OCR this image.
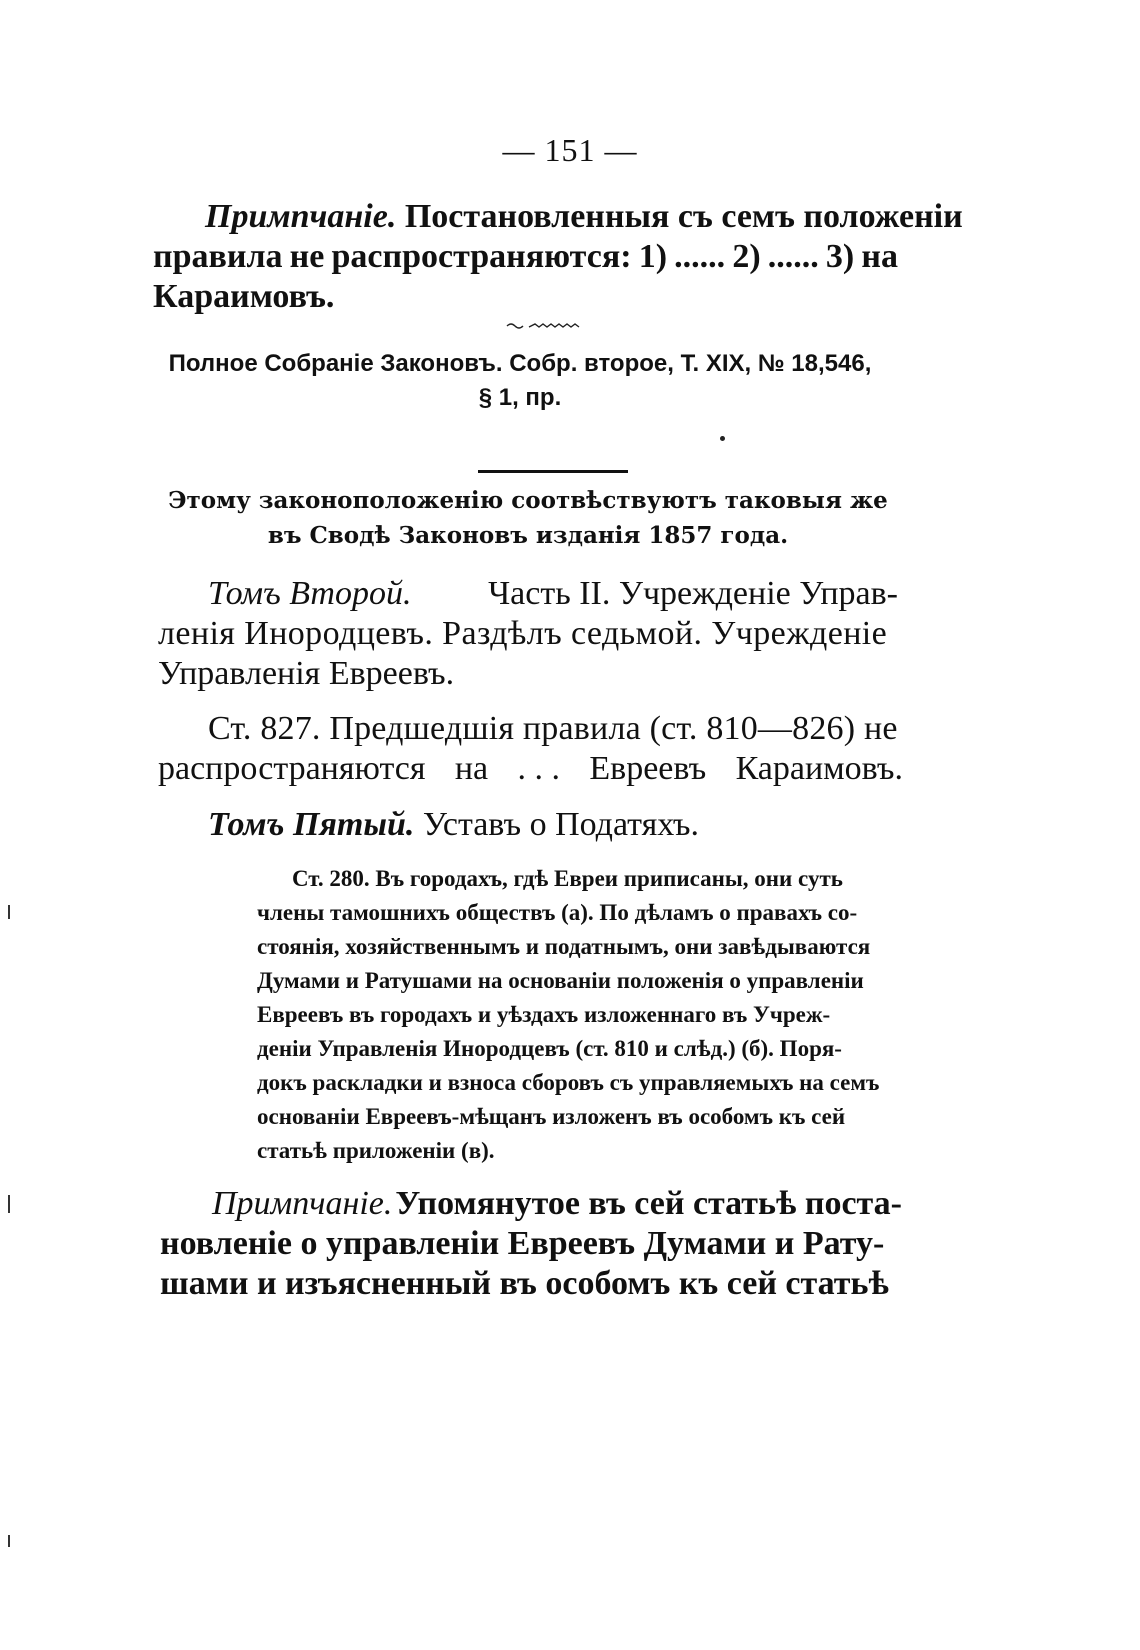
— 151 —
Примпчаніе. Постановленныя съ семъ положеніи
правила не распространяются: 1) ...... 2) ...... 3) на
Караимовъ.
Полное Собраніе Законовъ. Собр. второе, Т. XIX, № 18,546,
§ 1, пр.
Этому законоположенію соотвѣствуютъ таковыя же
въ Сводѣ Законовъ изданія 1857 года.
Томъ Второй. Часть II. Учрежденіе Управ-
ленія Инородцевъ. Раздѣлъ седьмой. Учрежденіе
Управленія Евреевъ.
Ст. 827. Предшедшія правила (ст. 810—826) не
распространяются на . . . Евреевъ Караимовъ.
Томъ Пятый. Уставъ о Податяхъ.
Ст. 280. Въ городахъ, гдѣ Евреи приписаны, они суть
члены тамошнихъ обществъ (а). По дѣламъ о правахъ со-
стоянія, хозяйственнымъ и податнымъ, они завѣдываются
Думами и Ратушами на основаніи положенія о управленіи
Евреевъ въ городахъ и уѣздахъ изложеннаго въ Учреж-
деніи Управленія Инородцевъ (ст. 810 и слѣд.) (б). Поря-
докъ раскладки и взноса сборовъ съ управляемыхъ на семъ
основаніи Евреевъ-мѣщанъ изложенъ въ особомъ къ сей
статьѣ приложеніи (в).
Примпчаніе. Упомянутое въ сей статьѣ поста-
новленіе о управленіи Евреевъ Думами и Рату-
шами и изъясненный въ особомъ къ сей статьѣ
